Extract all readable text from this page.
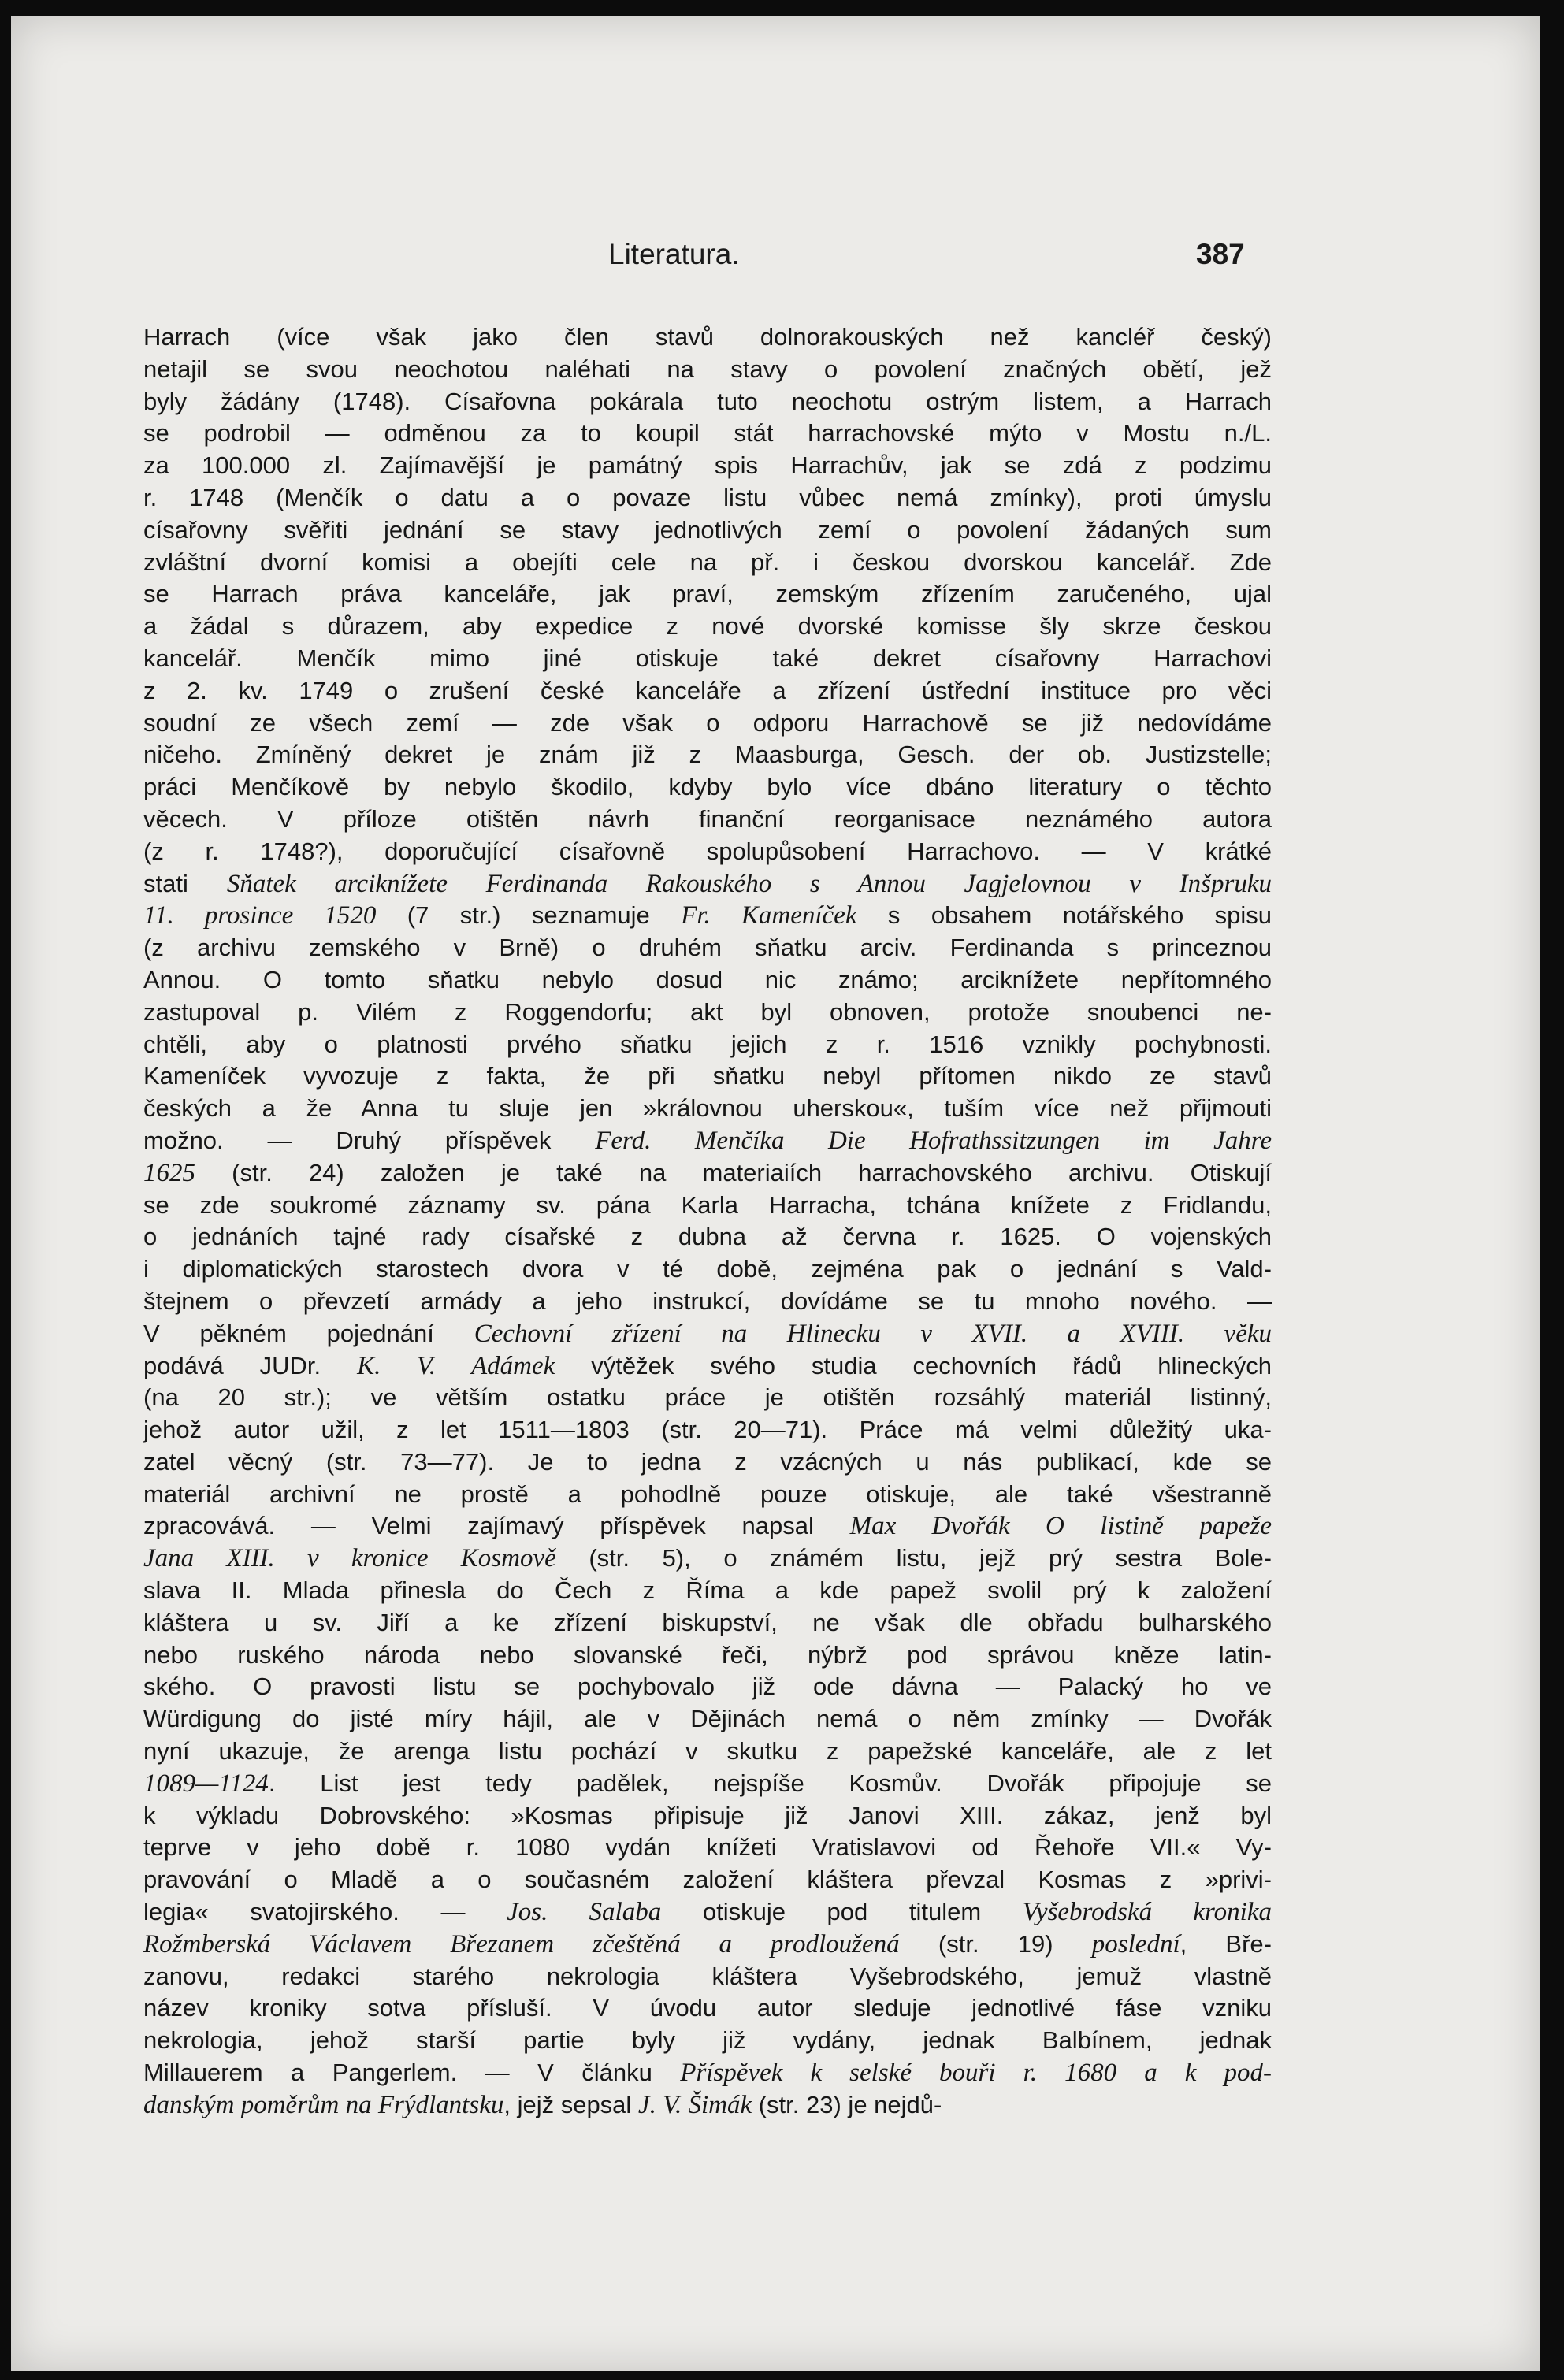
Literatura.	387
Harrach (více však jako člen stavů dolnorakouských než kancléř český)
netajil se svou neochotou naléhati na stavy o povolení značných obětí, jež
byly žádány (1748). Císařovna pokárala tuto neochotu ostrým listem, a Harrach
se podrobil — odměnou za to koupil stát harrachovské mýto v Mostu n./L.
za 100.000 zl. Zajímavější je památný spis Harrachův, jak se zdá z podzimu
r. 1748 (Menčík o datu a o povaze listu vůbec nemá zmínky), proti úmyslu
císařovny svěřiti jednání se stavy jednotlivých zemí o povolení žádaných sum
zvláštní dvorní komisi a obejíti cele na př. i českou dvorskou kancelář. Zde
se Harrach práva kanceláře, jak praví, zemským zřízením zaručeného, ujal
a žádal s důrazem, aby expedice z nové dvorské komisse šly skrze českou
kancelář. Menčík mimo jiné otiskuje také dekret císařovny Harrachovi
z 2. kv. 1749 o zrušení české kanceláře a zřízení ústřední instituce pro věci
soudní ze všech zemí — zde však o odporu Harrachově se již nedovídáme
ničeho. Zmíněný dekret je znám již z Maasburga, Gesch. der ob. Justizstelle;
práci Menčíkově by nebylo škodilo, kdyby bylo více dbáno literatury o těchto
věcech. V příloze otištěn návrh finanční reorganisace neznámého autora
(z r. 1748?), doporučující císařovně spolupůsobení Harrachovo. — V krátké
stati Sňatek arciknížete Ferdinanda Rakouského s Annou Jagjelovnou v Inšpruku
11. prosince 1520 (7 str.) seznamuje Fr. Kameníček s obsahem notářského spisu
(z archivu zemského v Brně) o druhém sňatku arciv. Ferdinanda s princeznou
Annou. O tomto sňatku nebylo dosud nic známo; arciknížete nepřítomného
zastupoval p. Vilém z Roggendorfu; akt byl obnoven, protože snoubenci ne-
chtěli, aby o platnosti prvého sňatku jejich z r. 1516 vznikly pochybnosti.
Kameníček vyvozuje z fakta, že při sňatku nebyl přítomen nikdo ze stavů
českých a že Anna tu sluje jen »královnou uherskou«, tuším více než přijmouti
možno. — Druhý příspěvek Ferd. Menčíka Die Hofrathssitzungen im Jahre
1625 (str. 24) založen je také na materiaiích harrachovského archivu. Otiskují
se zde soukromé záznamy sv. pána Karla Harracha, tchána knížete z Fridlandu,
o jednáních tajné rady císařské z dubna až června r. 1625. O vojenských
i diplomatických starostech dvora v té době, zejména pak o jednání s Vald-
štejnem o převzetí armády a jeho instrukcí, dovídáme se tu mnoho nového. —
V pěkném pojednání Cechovní zřízení na Hlinecku v XVII. a XVIII. věku
podává JUDr. K. V. Adámek výtěžek svého studia cechovních řádů hlineckých
(na 20 str.); ve větším ostatku práce je otištěn rozsáhlý materiál listinný,
jehož autor užil, z let 1511—1803 (str. 20—71). Práce má velmi důležitý uka-
zatel věcný (str. 73—77). Je to jedna z vzácných u nás publikací, kde se
materiál archivní ne prostě a pohodlně pouze otiskuje, ale také všestranně
zpracovává. — Velmi zajímavý příspěvek napsal Max Dvořák O listině papeže
Jana XIII. v kronice Kosmově (str. 5), o známém listu, jejž prý sestra Bole-
slava II. Mlada přinesla do Čech z Říma a kde papež svolil prý k založení
kláštera u sv. Jiří a ke zřízení biskupství, ne však dle obřadu bulharského
nebo ruského národa nebo slovanské řeči, nýbrž pod správou kněze latin-
ského. O pravosti listu se pochybovalo již ode dávna — Palacký ho ve
Würdigung do jisté míry hájil, ale v Dějinách nemá o něm zmínky — Dvořák
nyní ukazuje, že arenga listu pochází v skutku z papežské kanceláře, ale z let
1089—1124. List jest tedy padělek, nejspíše Kosmův. Dvořák připojuje se
k výkladu Dobrovského: »Kosmas připisuje již Janovi XIII. zákaz, jenž byl
teprve v jeho době r. 1080 vydán knížeti Vratislavovi od Řehoře VII.« Vy-
pravování o Mladě a o současném založení kláštera převzal Kosmas z »privi-
legia« svatojirského. — Jos. Salaba otiskuje pod titulem Vyšebrodská kronika
Rožmberská Václavem Březanem zčeštěná a prodloužená (str. 19) poslední, Bře-
zanovu, redakci starého nekrologia kláštera Vyšebrodského, jemuž vlastně
název kroniky sotva přísluší. V úvodu autor sleduje jednotlivé fáse vzniku
nekrologia, jehož starší partie byly již vydány, jednak Balbínem, jednak
Millauerem a Pangerlem. — V článku Příspěvek k selské bouři r. 1680 a k pod-
danským poměrům na Frýdlantsku, jejž sepsal J. V. Šimák (str. 23) je nejdů-
